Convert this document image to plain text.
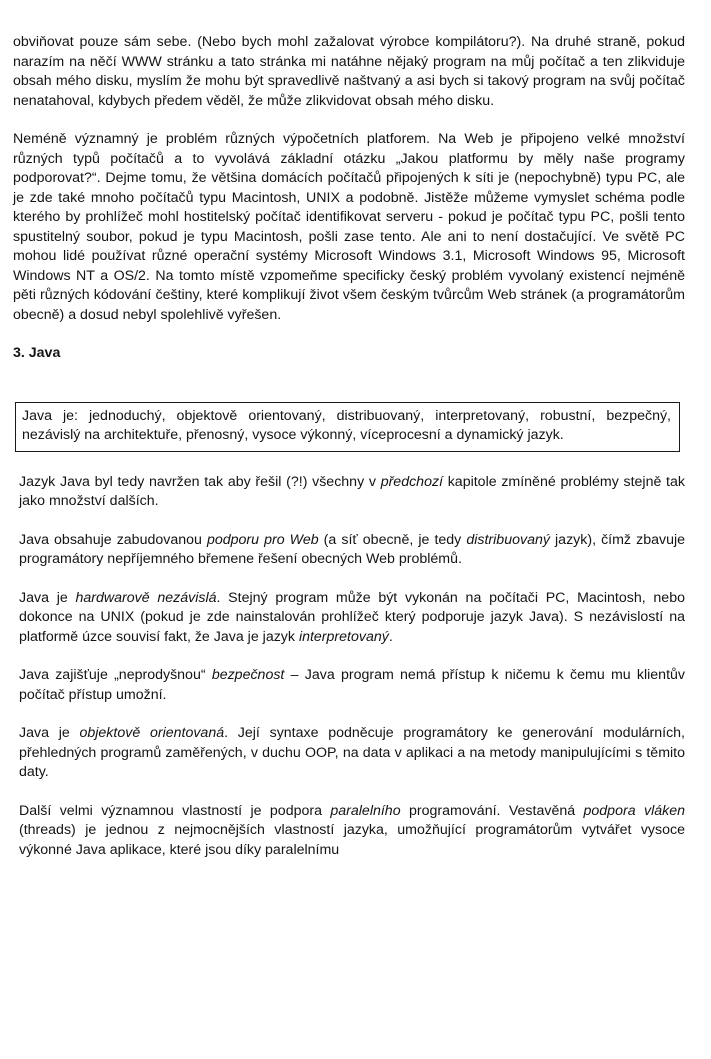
obviňovat pouze sám sebe. (Nebo bych mohl zažalovat výrobce kompilátoru?). Na druhé straně, pokud narazím na něčí WWW stránku a tato stránka mi natáhne nějaký program na můj počítač a ten zlikviduje obsah mého disku, myslím že mohu být spravedlivě naštvaný a asi bych si takový program na svůj počítač nenatahoval, kdybych předem věděl, že může zlikvidovat obsah mého disku.

Neméně významný je problém různých výpočetních platforem. Na Web je připojeno velké množství různých typů počítačů a to vyvolává základní otázku „Jakou platformu by měly naše programy podporovat?“. Dejme tomu, že většina domácích počítačů připojených k síti je (nepochybně) typu PC, ale je zde také mnoho počítačů typu Macintosh, UNIX a podobně. Jistěže můžeme vymyslet schéma podle kterého by prohlížeč mohl hostitelský počítač identifikovat serveru - pokud je počítač typu PC, pošli tento spustitelný soubor, pokud je typu Macintosh, pošli zase tento. Ale ani to není dostačující. Ve světě PC mohou lidé používat různé operační systémy Microsoft Windows 3.1, Microsoft Windows 95, Microsoft Windows NT a OS/2. Na tomto místě vzpomeňme specificky český problém vyvolaný existencí nejméně pěti různých kódování češtiny, které komplikují život všem českým tvůrcům Web stránek (a programátorům obecně) a dosud nebyl spolehlivě vyřešen.

3. Java
Java je: jednoduchý, objektově orientovaný, distribuovaný, interpretovaný, robustní, bezpečný, nezávislý na architektuře, přenosný, vysoce výkonný, víceprocesní a dynamický jazyk.

Jazyk Java byl tedy navržen tak aby řešil (?!) všechny v předchozí kapitole zmíněné problémy stejně tak jako množství dalších.

Java obsahuje zabudovanou podporu pro Web (a síť obecně, je tedy distribuovaný jazyk), čímž zbavuje programátory nepříjemného břemene řešení obecných Web problémů.

Java je hardwarově nezávislá. Stejný program může být vykonán na počítači PC, Macintosh, nebo dokonce na UNIX (pokud je zde nainstalován prohlížeč který podporuje jazyk Java). S nezávislostí na platformě úzce souvisí fakt, že Java je jazyk interpretovaný.

Java zajišťuje „neprodyšnou“ bezpečnost – Java program nemá přístup k ničemu k čemu mu klientův počítač přístup umožní.

Java je objektově orientovaná. Její syntaxe podněcuje programátory ke generování modulárních, přehledných programů zaměřených, v duchu OOP, na data v aplikaci a na metody manipulujícími s těmito daty.

Další velmi významnou vlastností je podpora paralelního programování. Vestavěná podpora vláken (threads) je jednou z nejmocnějších vlastností jazyka, umožňující programátorům vytvářet vysoce výkonné Java aplikace, které jsou díky paralelnímu
